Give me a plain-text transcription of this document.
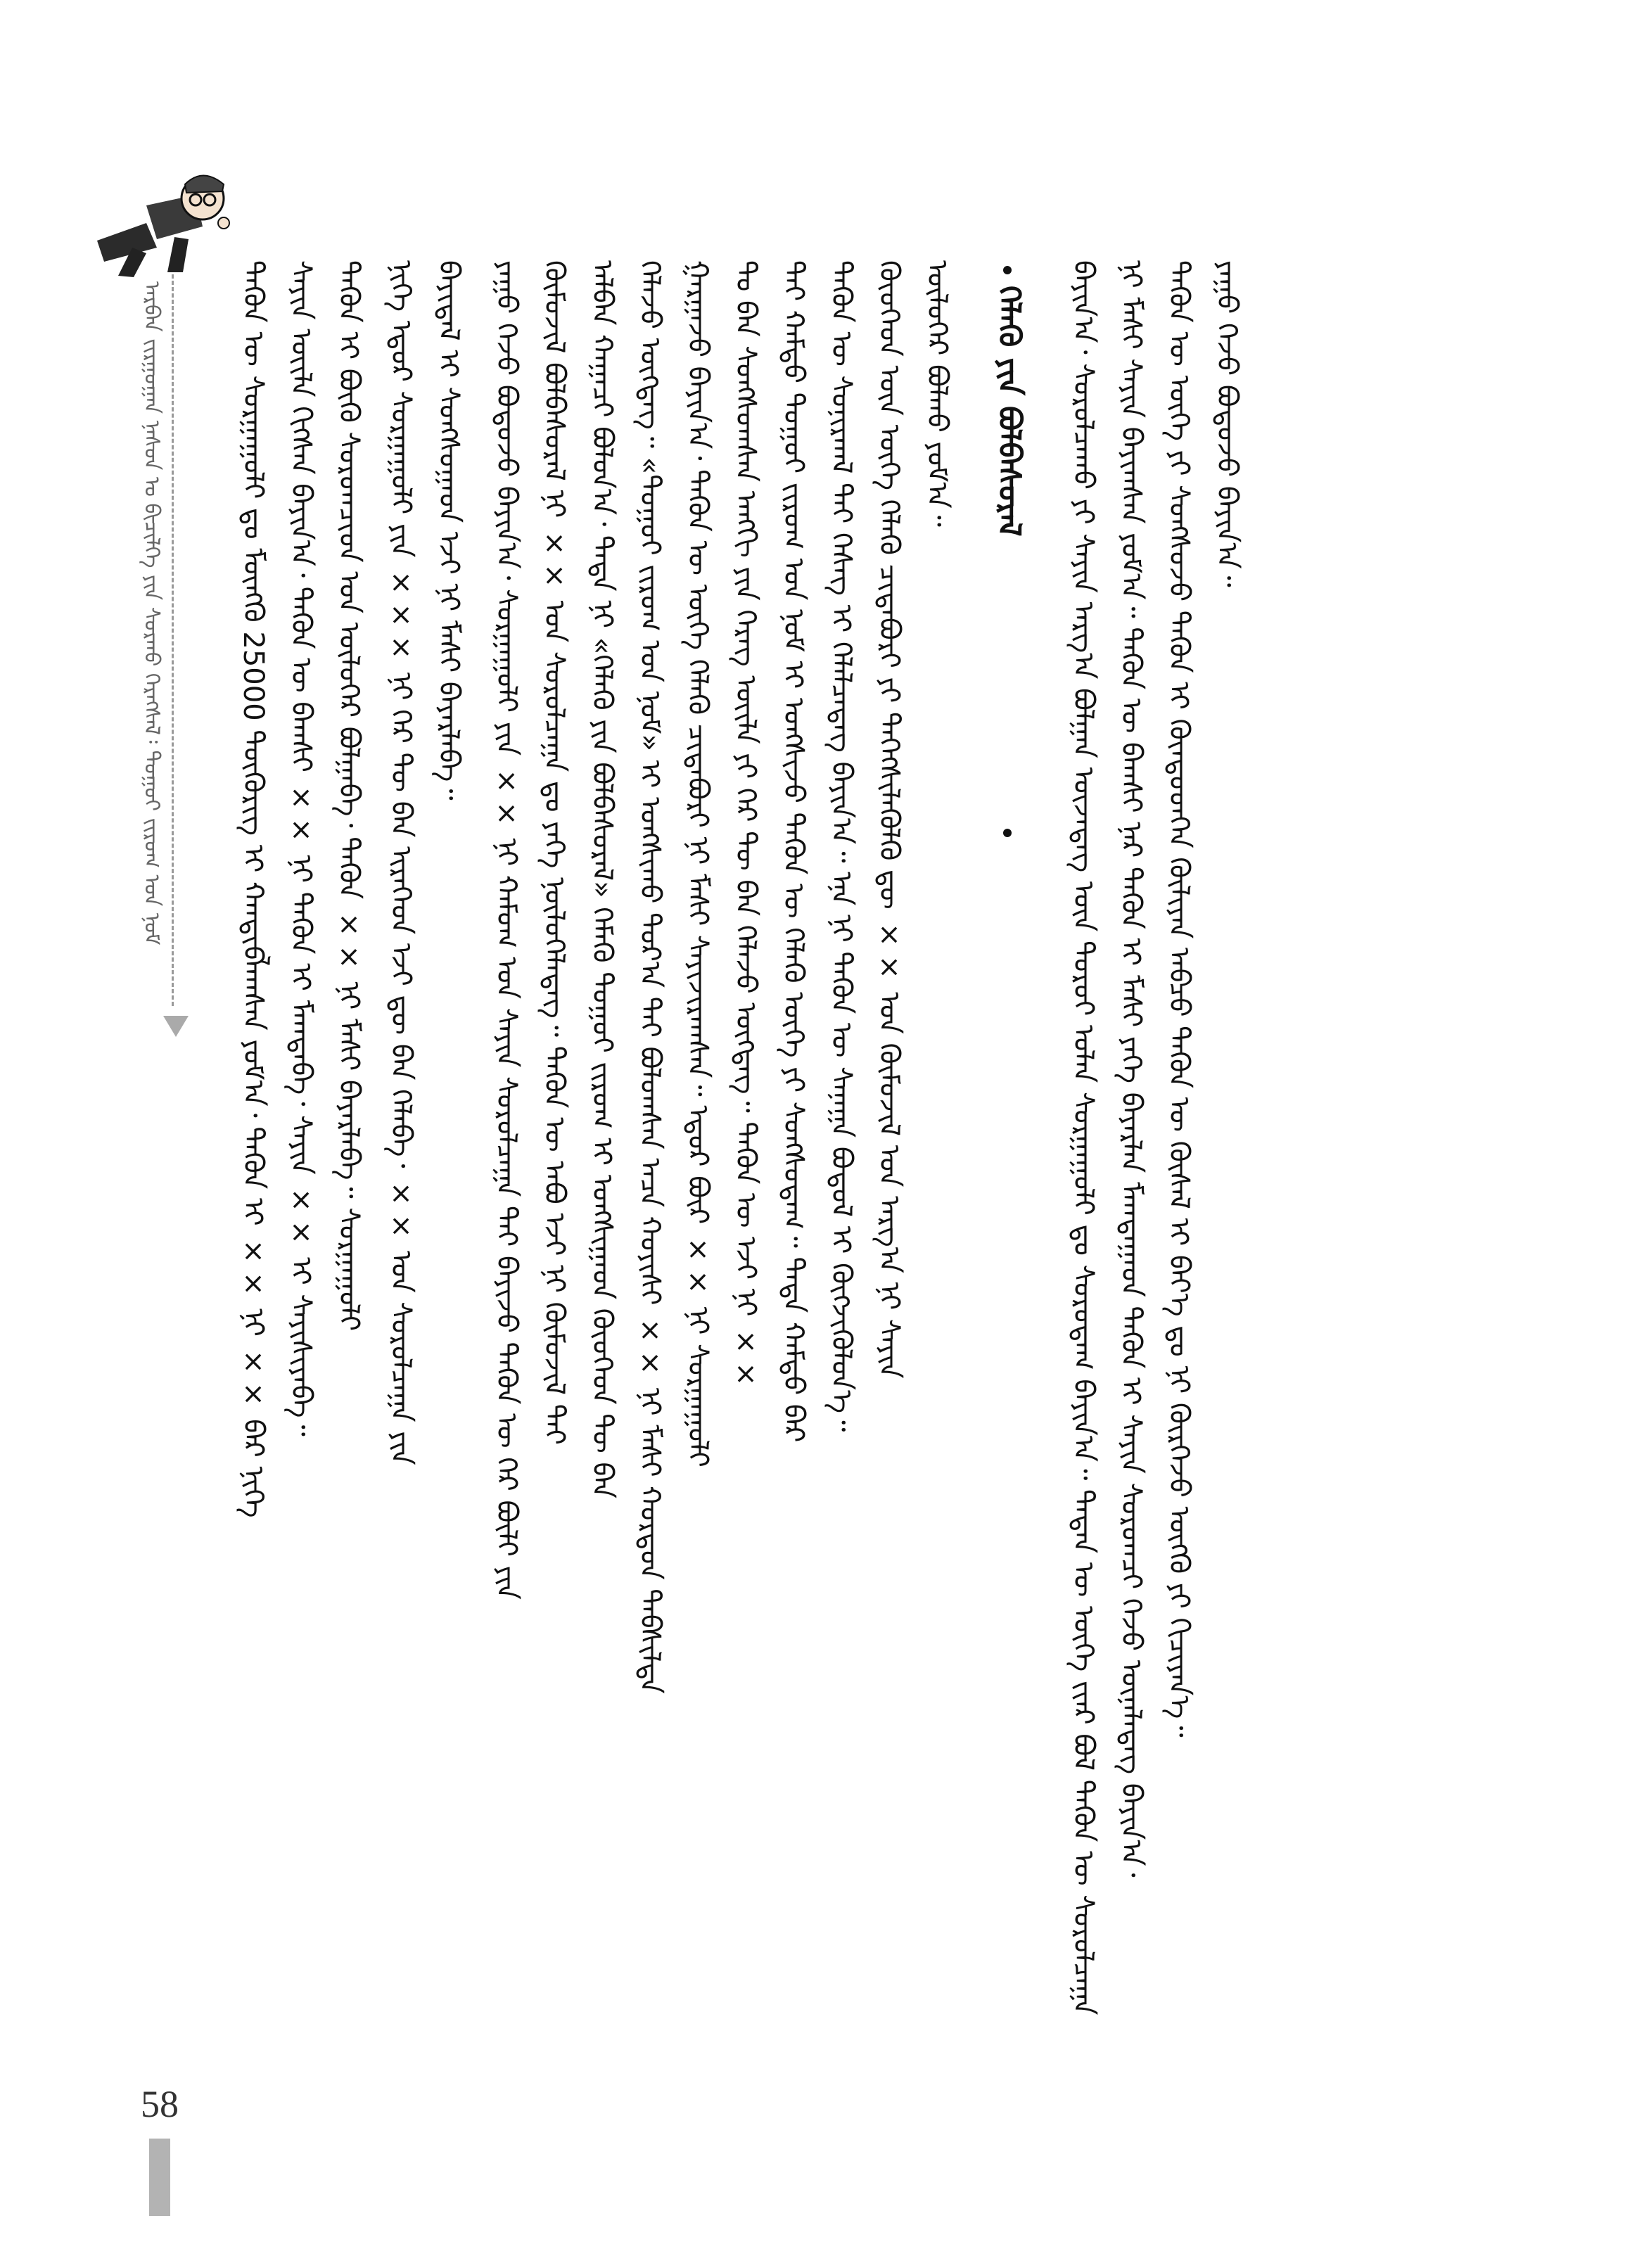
ᠠᠷᠪᠠᠨ ᠵᠢᠷᠭᠤᠭᠠᠨ ᠨᠠᠰᠤᠨ ᠤ ᠪᠢᠴᠢᠯᠭᠡ ᠶᠢᠨ ᠰᠤᠷᠬᠤ ᠬᠡᠷᠡᠭᠰᠡᠯ᠄ ᠳᠤᠭᠤᠢ ᠵᠢᠷᠤᠭ ᠤᠨ ᠨᠣᠮ	ᠲᠡᠭᠦᠨ ᠦ ᠰᠤᠷᠭᠠᠭᠤᠯᠢ ᠳᠤ ᠮᠥᠩᠭᠥ 25000 ᠲᠥᠭᠦᠷᠢᠭ ᠢ ᠬᠠᠨᠳᠢᠪᠯᠠᠭᠰᠠᠨ ᠶᠤᠮ᠎ᠠ᠂ ᠲᠡᠭᠦᠨ ᠢ ×× ᠨᠢ ×× ᠪᠡᠷ ᠨᠢᠭᠡ ᠰᠠᠶᠢᠨ ᠦᠢᠯᠡ ᠬᠢᠭᠰᠡᠨ ᠪᠠᠶᠢᠨ᠎ᠠ᠂ ᠲᠡᠭᠦᠨ ᠦ ᠪᠠᠭᠰᠢ ×× ᠨᠢ ᠲᠡᠭᠦᠨ ᠢ ᠮᠠᠭᠲᠠᠪᠠ᠂ ᠰᠠᠶᠢᠨ ×× ᠢ ᠰᠠᠶᠢᠰᠢᠶᠠᠪᠠ᠃ ᠲᠡᠭᠦᠨ ᠢ ᠪᠦᠬᠦ ᠰᠤᠷᠤᠭᠴᠢᠳ ᠤᠨ ᠦᠯᠦᠭᠡᠷ ᠪᠣᠯᠭᠠᠪᠠ᠂ ᠲᠡᠭᠦᠨ ×× ᠨᠢ ᠮᠠᠰᠢ ᠪᠠᠶᠠᠷᠯᠠᠪᠠ᠃ ᠰᠤᠷᠭᠠᠭᠤᠯᠢ ᠨᠢᠭᠡ ᠡᠳᠦᠷ ᠰᠤᠷᠭᠠᠭᠤᠯᠢ ᠶᠢᠨ ××× ᠨᠢ ᠭᠡᠷ ᠲᠦ ᠪᠠᠨ ᠢᠷᠡᠭᠡᠳ ᠡᠵᠢ ᠳᠦ ᠪᠡᠨ ᠬᠡᠯᠡᠪᠡ᠂ ×× ᠤᠨ ᠰᠤᠷᠤᠯᠴᠠᠭᠠ ᠶᠢᠨ ᠪᠠᠶᠢᠳᠠᠯ ᠢ ᠰᠣᠩᠰᠣᠭᠠᠳ ᠡᠵᠢ ᠨᠢ ᠮᠠᠰᠢ ᠪᠠᠶᠠᠷᠯᠠᠪᠠ᠃ ᠶᠠᠭᠤ ᠭᠡᠵᠦ ᠪᠣᠳᠣᠵᠤ ᠪᠠᠶᠢᠨ᠎ᠠ᠂ ᠰᠤᠷᠭᠠᠭᠤᠯᠢ ᠶᠢᠨ ×× ᠨᠢ ᠬᠠᠮᠤᠭ ᠤᠨ ᠰᠠᠶᠢᠨ ᠰᠤᠷᠤᠯᠴᠠᠭᠠ ᠲᠠᠢ ᠪᠠᠶᠢᠵᠤ ᠲᠡᠭᠦᠨ ᠦ ᠭᠡᠷ ᠪᠦᠯᠢ ᠶᠢᠨ ᠬᠦᠮᠦᠵᠢᠯ ᠪᠣᠯᠪᠠᠰᠤᠷᠠᠯ ᠨᠢ ×× ᠤᠨ ᠰᠤᠷᠤᠯᠴᠠᠭᠠ ᠳᠤ ᠶᠡᠬᠡ ᠨᠥᠯᠥᠭᠡᠯᠡᠳᠡᠭ᠃ ᠲᠡᠭᠦᠨ ᠦ ᠠᠪᠤ ᠡᠵᠢ ᠨᠢ ᠬᠦᠮᠦᠵᠢᠯ ᠲᠠᠢ ᠠᠯᠪᠠᠨ ᠬᠠᠭᠠᠴᠢ ᠪᠣᠯᠤᠨ᠎ᠠ᠂ ᠲᠡᠳᠡ ᠨᠢ «ᠬᠡᠯᠡᠬᠦ ᠶᠢᠨ ᠪᠣᠯᠪᠠᠰᠤᠷᠠᠯ» ᠬᠡᠮᠡᠬᠦ ᠳᠤᠭᠤᠢ ᠵᠢᠷᠤᠭ ᠢ ᠤᠩᠰᠢᠭᠠᠳ ᠬᠦᠦᠬᠡᠳ ᠲᠦ ᠪᠡᠨ ᠬᠡᠯᠡᠵᠦ ᠥᠭᠳᠡᠭ᠃ «ᠳᠤᠭᠤᠢ ᠵᠢᠷᠤᠭ ᠤᠨ ᠨᠣᠮ» ᠢ ᠤᠩᠰᠢᠬᠤ ᠳᠤᠷ᠎ᠠ ᠲᠠᠢ ᠪᠣᠯᠤᠭᠰᠠᠨ ᠠᠴᠠ ᠬᠣᠶᠢᠰᠢ ×× ᠨᠢ ᠮᠠᠰᠢ ᠬᠤᠷᠳᠤᠨ ᠳᠡᠪᠰᠢᠯᠲᠡ ᠭᠠᠷᠭᠠᠵᠤ ᠪᠠᠶᠢᠨ᠎ᠠ᠂ ᠲᠡᠭᠦᠨ ᠦ ᠦᠭᠡ ᠬᠡᠯᠡᠬᠦ ᠴᠢᠳᠠᠪᠤᠷᠢ ᠨᠢ ᠮᠠᠰᠢ ᠰᠠᠶᠢᠵᠢᠷᠠᠭᠰᠠᠨ᠃ ᠡᠳᠦᠷ ᠪᠦᠷ ×× ᠨᠢ ᠰᠤᠷᠭᠠᠭᠤᠯᠢ ᠲᠤ ᠪᠠᠨ ᠰᠣᠩᠰᠣᠭᠰᠠᠨ ᠠᠩᠭᠢ ᠶᠢᠨ ᠬᠡᠷᠡᠭ ᠦᠢᠯᠡ ᠶᠢ ᠭᠡᠷ ᠲᠦ ᠪᠠᠨ ᠬᠡᠯᠡᠵᠦ ᠥᠭᠳᠡᠭ᠃ ᠲᠡᠭᠦᠨ ᠦ ᠡᠵᠢ ᠨᠢ ×× ᠲᠠᠢ ᠬᠠᠮᠲᠤ ᠳᠤᠭᠤᠢ ᠵᠢᠷᠤᠭ ᠤᠨ ᠨᠣᠮ ᠢ ᠤᠩᠰᠢᠵᠤ ᠲᠡᠭᠦᠨ ᠦ ᠬᠡᠯᠡᠬᠦ ᠦᠭᠡ ᠶᠢ ᠰᠣᠩᠰᠣᠳᠠᠭ᠃ ᠲᠡᠳᠡ ᠬᠠᠮᠲᠤ ᠪᠡᠷ ᠲᠡᠭᠦᠨ ᠦ ᠰᠣᠨᠢᠷᠬᠠᠯ ᠲᠠᠢ ᠬᠡᠰᠡᠭ ᠢ ᠬᠡᠯᠡᠯᠴᠡᠳᠡᠭ ᠪᠠᠶᠢᠨ᠎ᠠ᠃ ᠡᠨᠡ ᠨᠢ ᠲᠡᠭᠦᠨ ᠦ ᠰᠠᠨᠠᠭᠠ ᠪᠣᠳᠤᠯ ᠢ ᠬᠥᠭᠵᠢᠭᠦᠯᠦᠨ᠎ᠡ᠃ ᠬᠦᠦᠬᠡᠳ ᠦᠨ ᠦᠭᠡ ᠬᠡᠯᠡᠬᠦ ᠴᠢᠳᠠᠪᠤᠷᠢ ᠶᠢ ᠳᠡᠭᠡᠭᠰᠢᠯᠡᠭᠦᠯᠬᠦ ᠳᠦ ×× ᠤᠨ ᠬᠦᠮᠦᠵᠢᠯ ᠤᠨ ᠠᠷᠭ᠎ᠠ ᠨᠢ ᠰᠠᠶᠢᠨ ᠦᠯᠦᠭᠡᠷ ᠪᠣᠯᠬᠤ ᠶᠤᠮ᠎ᠠ᠃ ᠬᠡᠯᠡᠬᠦ ᠶᠢᠨ ᠪᠤᠯᠪᠠᠰᠤᠷᠠᠯ ᠪᠠᠶᠢᠨ᠎ᠠ᠂ ᠰᠤᠷᠤᠯᠴᠠᠬᠤ ᠶᠢ ᠰᠠᠶᠢᠨ ᠠᠷᠭ᠎ᠠ ᠪᠣᠯᠭᠠᠨ ᠦᠵᠡᠳᠡᠭ ᠦᠨ ᠳᠣᠷᠤᠢ ᠤᠯᠠᠨ ᠰᠤᠷᠭᠠᠭᠤᠯᠢ ᠳᠤ ᠰᠤᠷᠤᠳᠠᠭ ᠪᠠᠶᠢᠨ᠎ᠠ᠃ ᠲᠡᠳᠡᠨ ᠦ ᠦᠭᠡ ᠵᠢᠡᠷ ᠪᠣᠯ ᠲᠡᠭᠦᠨ ᠦ ᠰᠤᠷᠤᠯᠴᠠᠭᠠ ᠨᠢ ᠮᠠᠰᠢ ᠰᠠᠶᠢᠨ ᠪᠠᠶᠢᠭᠰᠠᠨ ᠶᠤᠮ᠎ᠠ᠃ ᠲᠡᠭᠦᠨ ᠦ ᠪᠠᠭᠰᠢ ᠨᠠᠷ ᠲᠡᠭᠦᠨ ᠢ ᠮᠠᠰᠢ ᠶᠡᠬᠡ ᠪᠠᠶᠠᠷᠯᠠᠨ ᠮᠠᠭᠲᠠᠭᠠᠳ ᠲᠡᠭᠦᠨ ᠢ ᠰᠠᠶᠢᠨ ᠰᠤᠷᠤᠭᠴᠢ ᠭᠡᠵᠦ ᠦᠨᠡᠯᠡᠳᠡᠭ ᠪᠠᠶᠢᠨ᠎ᠠ᠂ ᠲᠡᠭᠦᠨ ᠦ ᠦᠭᠡ ᠶᠢ ᠰᠣᠩᠰᠣᠵᠤ ᠲᠡᠭᠦᠨ ᠢ ᠬᠦᠨᠳᠦᠳᠬᠡᠨ ᠬᠦᠯᠢᠶᠡᠨ ᠠᠪᠴᠤ ᠲᠡᠭᠦᠨ ᠦ ᠬᠦᠰᠡᠯ ᠢ ᠪᠡᠶ᠎ᠡ ᠳᠤ ᠨᠢ ᠬᠦᠷᠭᠡᠵᠦ ᠥᠭᠬᠦ ᠶᠢ ᠬᠢᠴᠢᠶᠡᠨ᠎ᠡ᠃ ᠶᠠᠭᠤ ᠭᠡᠵᠦ ᠪᠣᠳᠣᠵᠤ ᠪᠠᠶᠢᠨ᠎ᠠ᠃
58
